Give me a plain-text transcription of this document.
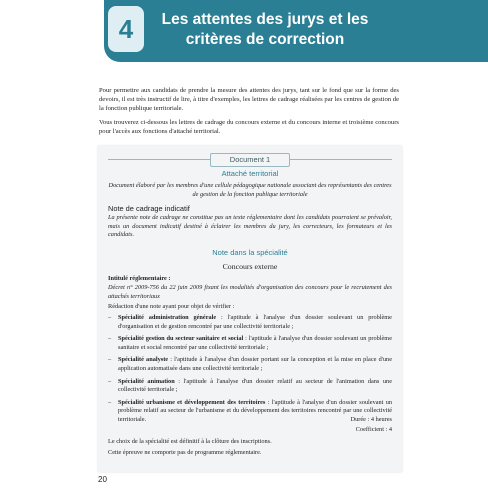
4	Les attentes des jurys et les critères de correction

Pour permettre aux candidats de prendre la mesure des attentes des jurys, tant sur le fond que sur la forme des devoirs, il est très instructif de lire, à titre d'exemples, les lettres de cadrage réalisées par les centres de gestion de la fonction publique territoriale.

Vous trouverez ci-dessous les lettres de cadrage du concours externe et du concours interne et troisième concours pour l'accès aux fonctions d'attaché territorial.

Document 1

Attaché territorial

Document élaboré par les membres d'une cellule pédagogique nationale associant des représentants des centres de gestion de la fonction publique territoriale

Note de cadrage indicatif

La présente note de cadrage ne constitue pas un texte réglementaire dont les candidats pourraient se prévaloir, mais un document indicatif destiné à éclairer les membres du jury, les correcteurs, les formateurs et les candidats.

Note dans la spécialité

Concours externe

Intitulé réglementaire :

Décret n° 2009-756 du 22 juin 2009 fixant les modalités d'organisation des concours pour le recrutement des attachés territoriaux

Rédaction d'une note ayant pour objet de vérifier :

– Spécialité administration générale : l'aptitude à l'analyse d'un dossier soulevant un problème d'organisation et de gestion rencontré par une collectivité territoriale ;
– Spécialité gestion du secteur sanitaire et social : l'aptitude à l'analyse d'un dossier soulevant un problème sanitaire et social rencontré par une collectivité territoriale ;
– Spécialité analyste : l'aptitude à l'analyse d'un dossier portant sur la conception et la mise en place d'une application automatisée dans une collectivité territoriale ;
– Spécialité animation : l'aptitude à l'analyse d'un dossier relatif au secteur de l'animation dans une collectivité territoriale ;
– Spécialité urbanisme et développement des territoires : l'aptitude à l'analyse d'un dossier soulevant un problème relatif au secteur de l'urbanisme et du développement des territoires rencontré par une collectivité territoriale.	Durée : 4 heures

Coefficient : 4

Le choix de la spécialité est définitif à la clôture des inscriptions.

Cette épreuve ne comporte pas de programme réglementaire.

20
